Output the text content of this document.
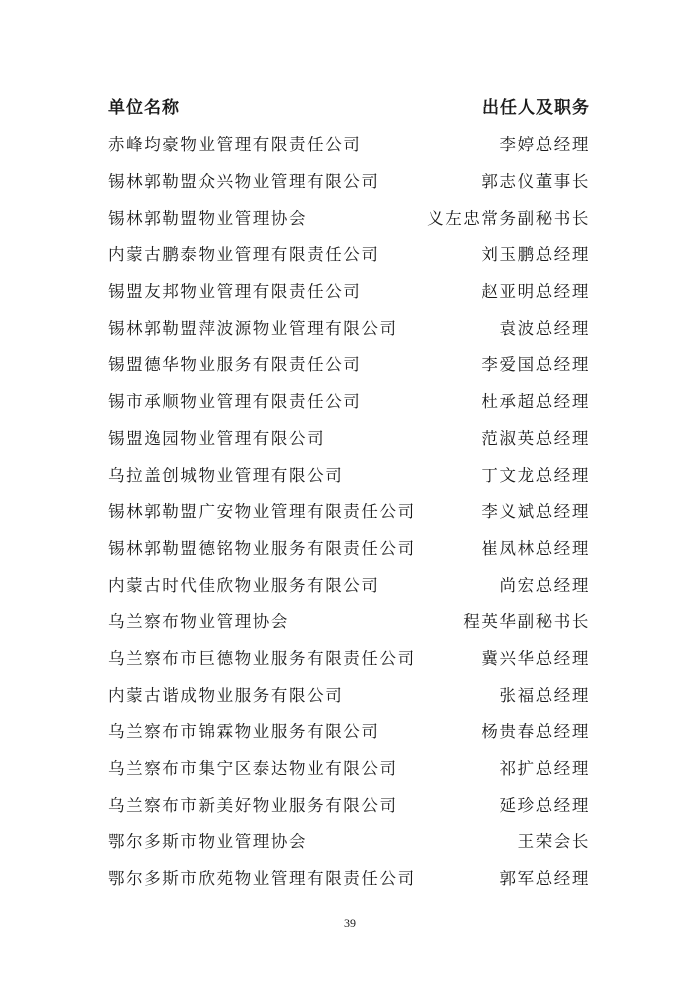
单位名称	出任人及职务
赤峰均豪物业管理有限责任公司	李婷总经理
锡林郭勒盟众兴物业管理有限公司	郭志仪董事长
锡林郭勒盟物业管理协会	义左忠常务副秘书长
内蒙古鹏泰物业管理有限责任公司	刘玉鹏总经理
锡盟友邦物业管理有限责任公司	赵亚明总经理
锡林郭勒盟萍波源物业管理有限公司	袁波总经理
锡盟德华物业服务有限责任公司	李爱国总经理
锡市承顺物业管理有限责任公司	杜承超总经理
锡盟逸园物业管理有限公司	范淑英总经理
乌拉盖创城物业管理有限公司	丁文龙总经理
锡林郭勒盟广安物业管理有限责任公司	李义斌总经理
锡林郭勒盟德铭物业服务有限责任公司	崔凤林总经理
内蒙古时代佳欣物业服务有限公司	尚宏总经理
乌兰察布物业管理协会	程英华副秘书长
乌兰察布市巨德物业服务有限责任公司	冀兴华总经理
内蒙古谐成物业服务有限公司	张福总经理
乌兰察布市锦霖物业服务有限公司	杨贵春总经理
乌兰察布市集宁区泰达物业有限公司	祁扩总经理
乌兰察布市新美好物业服务有限公司	延珍总经理
鄂尔多斯市物业管理协会	王荣会长
鄂尔多斯市欣苑物业管理有限责任公司	郭军总经理
39
